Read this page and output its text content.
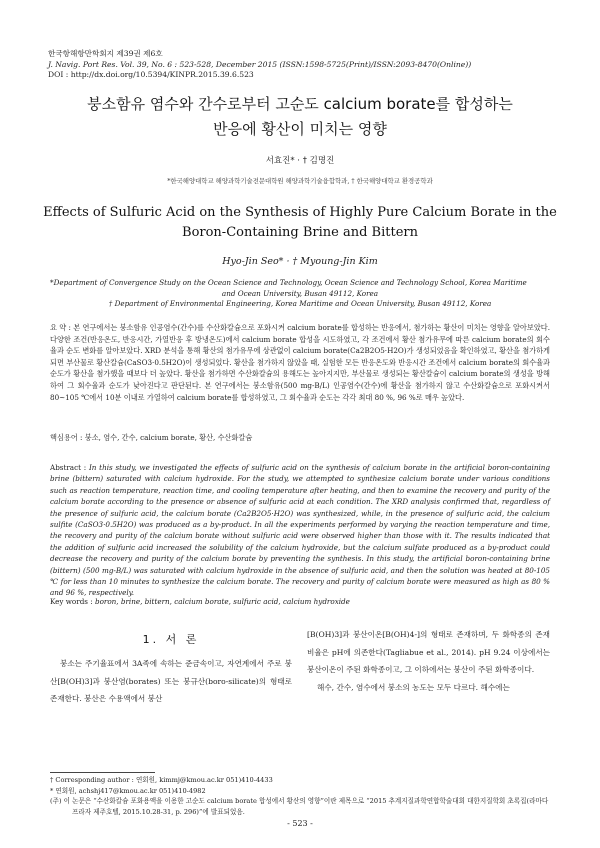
한국항해항만학회지 제39권 제6호
J. Navig. Port Res. Vol. 39, No. 6 : 523-528, December 2015 (ISSN:1598-5725(Print)/ISSN:2093-8470(Online))
DOI : http://dx.doi.org/10.5394/KINPR.2015.39.6.523
붕소함유 염수와 간수로부터 고순도 calcium borate를 합성하는
반응에 황산이 미치는 영향
서효진* · † 김명진
*한국해양대학교 해양과학기술전문대학원 해양과학기술융합학과, † 한국해양대학교 환경공학과
Effects of Sulfuric Acid on the Synthesis of Highly Pure Calcium Borate in the
Boron-Containing Brine and Bittern
Hyo-Jin Seo* · † Myoung-Jin Kim
*Department of Convergence Study on the Ocean Science and Technology, Ocean Science and Technology School, Korea Maritime
and Ocean University, Busan 49112, Korea
† Department of Environmental Engineering, Korea Maritime and Ocean University, Busan 49112, Korea
요 약 : 본 연구에서는 붕소함유 인공염수(간수)를 수산화칼슘으로 포화시켜 calcium borate를 합성하는 반응에서, 첨가하는 황산이 미치는 영향을 알아보았다. 다양한 조건(반응온도, 반응시간, 가열반응 후 방냉온도)에서 calcium borate 합성을 시도하였고, 각 조건에서 황산 첨가유무에 따른 calcium borate의 회수율과 순도 변화를 알아보았다. XRD 분석을 통해 황산의 첨가유무에 상관없이 calcium borate(Ca2B2O5·H2O)가 생성되었음을 확인하였고, 황산을 첨가하게 되면 부산물로 황산칼슘(CaSO3·0.5H2O)이 생성되었다. 황산을 첨가하지 않았을 때, 실험한 모든 반응온도와 반응시간 조건에서 calcium borate의 회수율과 순도가 황산을 첨가했을 때보다 더 높았다. 황산을 첨가하면 수산화칼슘의 용해도는 높아지지만, 부산물로 생성되는 황산칼슘이 calcium borate의 생성을 방해하여 그 회수율과 순도가 낮아진다고 판단된다. 본 연구에서는 붕소함유(500 mg-B/L) 인공염수(간수)에 황산을 첨가하지 않고 수산화칼슘으로 포화시켜서 80~105 ℃에서 10분 이내로 가열하여 calcium borate를 합성하였고, 그 회수율과 순도는 각각 최대 80 %, 96 %로 매우 높았다.
핵심용어 : 붕소, 염수, 간수, calcium borate, 황산, 수산화칼슘
Abstract : In this study, we investigated the effects of sulfuric acid on the synthesis of calcium borate in the artificial boron-containing brine (bittern) saturated with calcium hydroxide. For the study, we attempted to synthesize calcium borate under various conditions such as reaction temperature, reaction time, and cooling temperature after heating, and then to examine the recovery and purity of the calcium borate according to the presence or absence of sulfuric acid at each condition. The XRD analysis confirmed that, regardless of the presence of sulfuric acid, the calcium borate (Ca2B2O5·H2O) was synthesized, while, in the presence of sulfuric acid, the calcium sulfite (CaSO3·0.5H2O) was produced as a by-product. In all the experiments performed by varying the reaction temperature and time, the recovery and purity of the calcium borate without sulfuric acid were observed higher than those with it. The results indicated that the addition of sulfuric acid increased the solubility of the calcium hydroxide, but the calcium sulfate produced as a by-product could decrease the recovery and purity of the calcium borate by preventing the synthesis. In this study, the artificial boron-containing brine (bittern) (500 mg-B/L) was saturated with calcium hydroxide in the absence of sulfuric acid, and then the solution was heated at 80-105 ℃ for less than 10 minutes to synthesize the calcium borate. The recovery and purity of calcium borate were measured as high as 80 % and 96 %, respectively.
Key words : boron, brine, bittern, calcium borate, sulfuric acid, calcium hydroxide
1. 서 론

붕소는 주기율표에서 3A족에 속하는 준금속이고, 자연계에서 주로 붕산[B(OH)3]과 붕산염(borates) 또는 붕규산(boro-silicate)의 형태로 존재한다. 붕산은 수용액에서 붕산

[B(OH)3]과 붕산이온[B(OH)4-]의 형태로 존재하며, 두 화학종의 존재비율은 pH에 의존한다(Tagliabue et al., 2014). pH 9.24 이상에서는 붕산이온이 주된 화학종이고, 그 이하에서는 붕산이 주된 화학종이다.

해수, 간수, 염수에서 붕소의 농도는 모두 다르다. 해수에는

† Corresponding author : 연회원, kimmj@kmou.ac.kr 051)410-4433
* 연회원, achshj417@kmou.ac.kr 051)410-4982
(주) 이 논문은 “수산화칼슘 포화용액을 이용한 고순도 calcium borate 합성에서 황산의 영향”이란 제목으로 “2015 추계지질과학연합학술대회 대한지질학회 초록집(라마다프라자 제주호텔, 2015.10.28-31, p. 296)”에 발표되었음.
- 523 -
